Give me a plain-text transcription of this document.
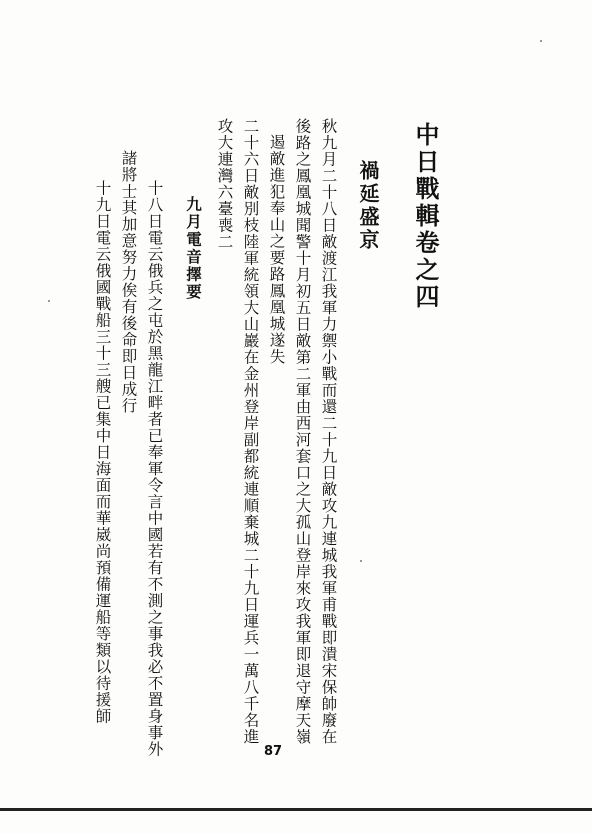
中日戰輯卷之四
禍延盛京
秋九月二十八日敵渡江我軍力禦小戰而還二十九日敵攻九連城我軍甫戰即潰宋保帥廢在
後路之鳳凰城聞警十月初五日敵第二軍由西河套口之大孤山登岸來攻我軍即退守摩天嶺
遏敵進犯奉山之要路鳳凰城遂失
二十六日敵別枝陸軍統領大山巖在金州登岸副都統連順棄城二十九日運兵一萬八千名進
攻大連灣六臺喪二
九月電音擇要
十八日電云俄兵之屯於黑龍江畔者已奉軍令言中國若有不測之事我必不置身事外
諸將士其加意努力俟有後命即日成行
十九日電云俄國戰船三十三艘已集中日海面而華崴尚預備運船等類以待援師
87
